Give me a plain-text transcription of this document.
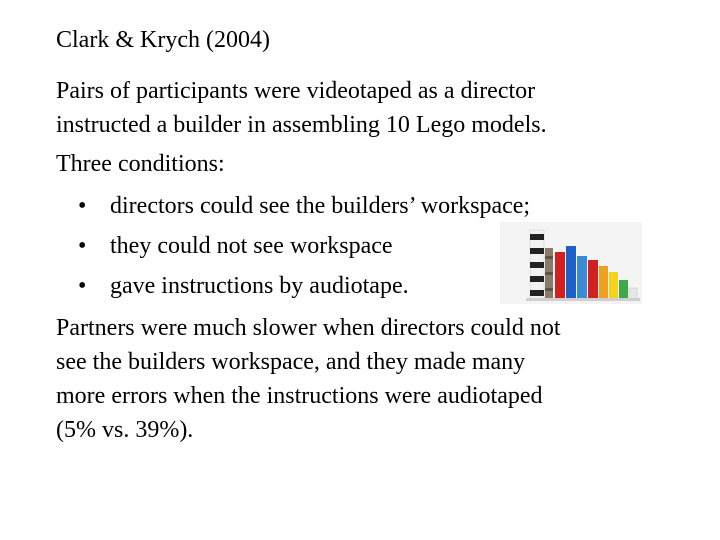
Clark & Krych (2004)
Pairs of participants were videotaped as a director
instructed a builder in assembling 10 Lego models.
Three conditions:
• directors could see the builders’ workspace;
• they could not see workspace
• gave instructions by audiotape.
Partners were much slower when directors could not
see the builders workspace, and they made many
more errors when the instructions were audiotaped
(5% vs. 39%).
